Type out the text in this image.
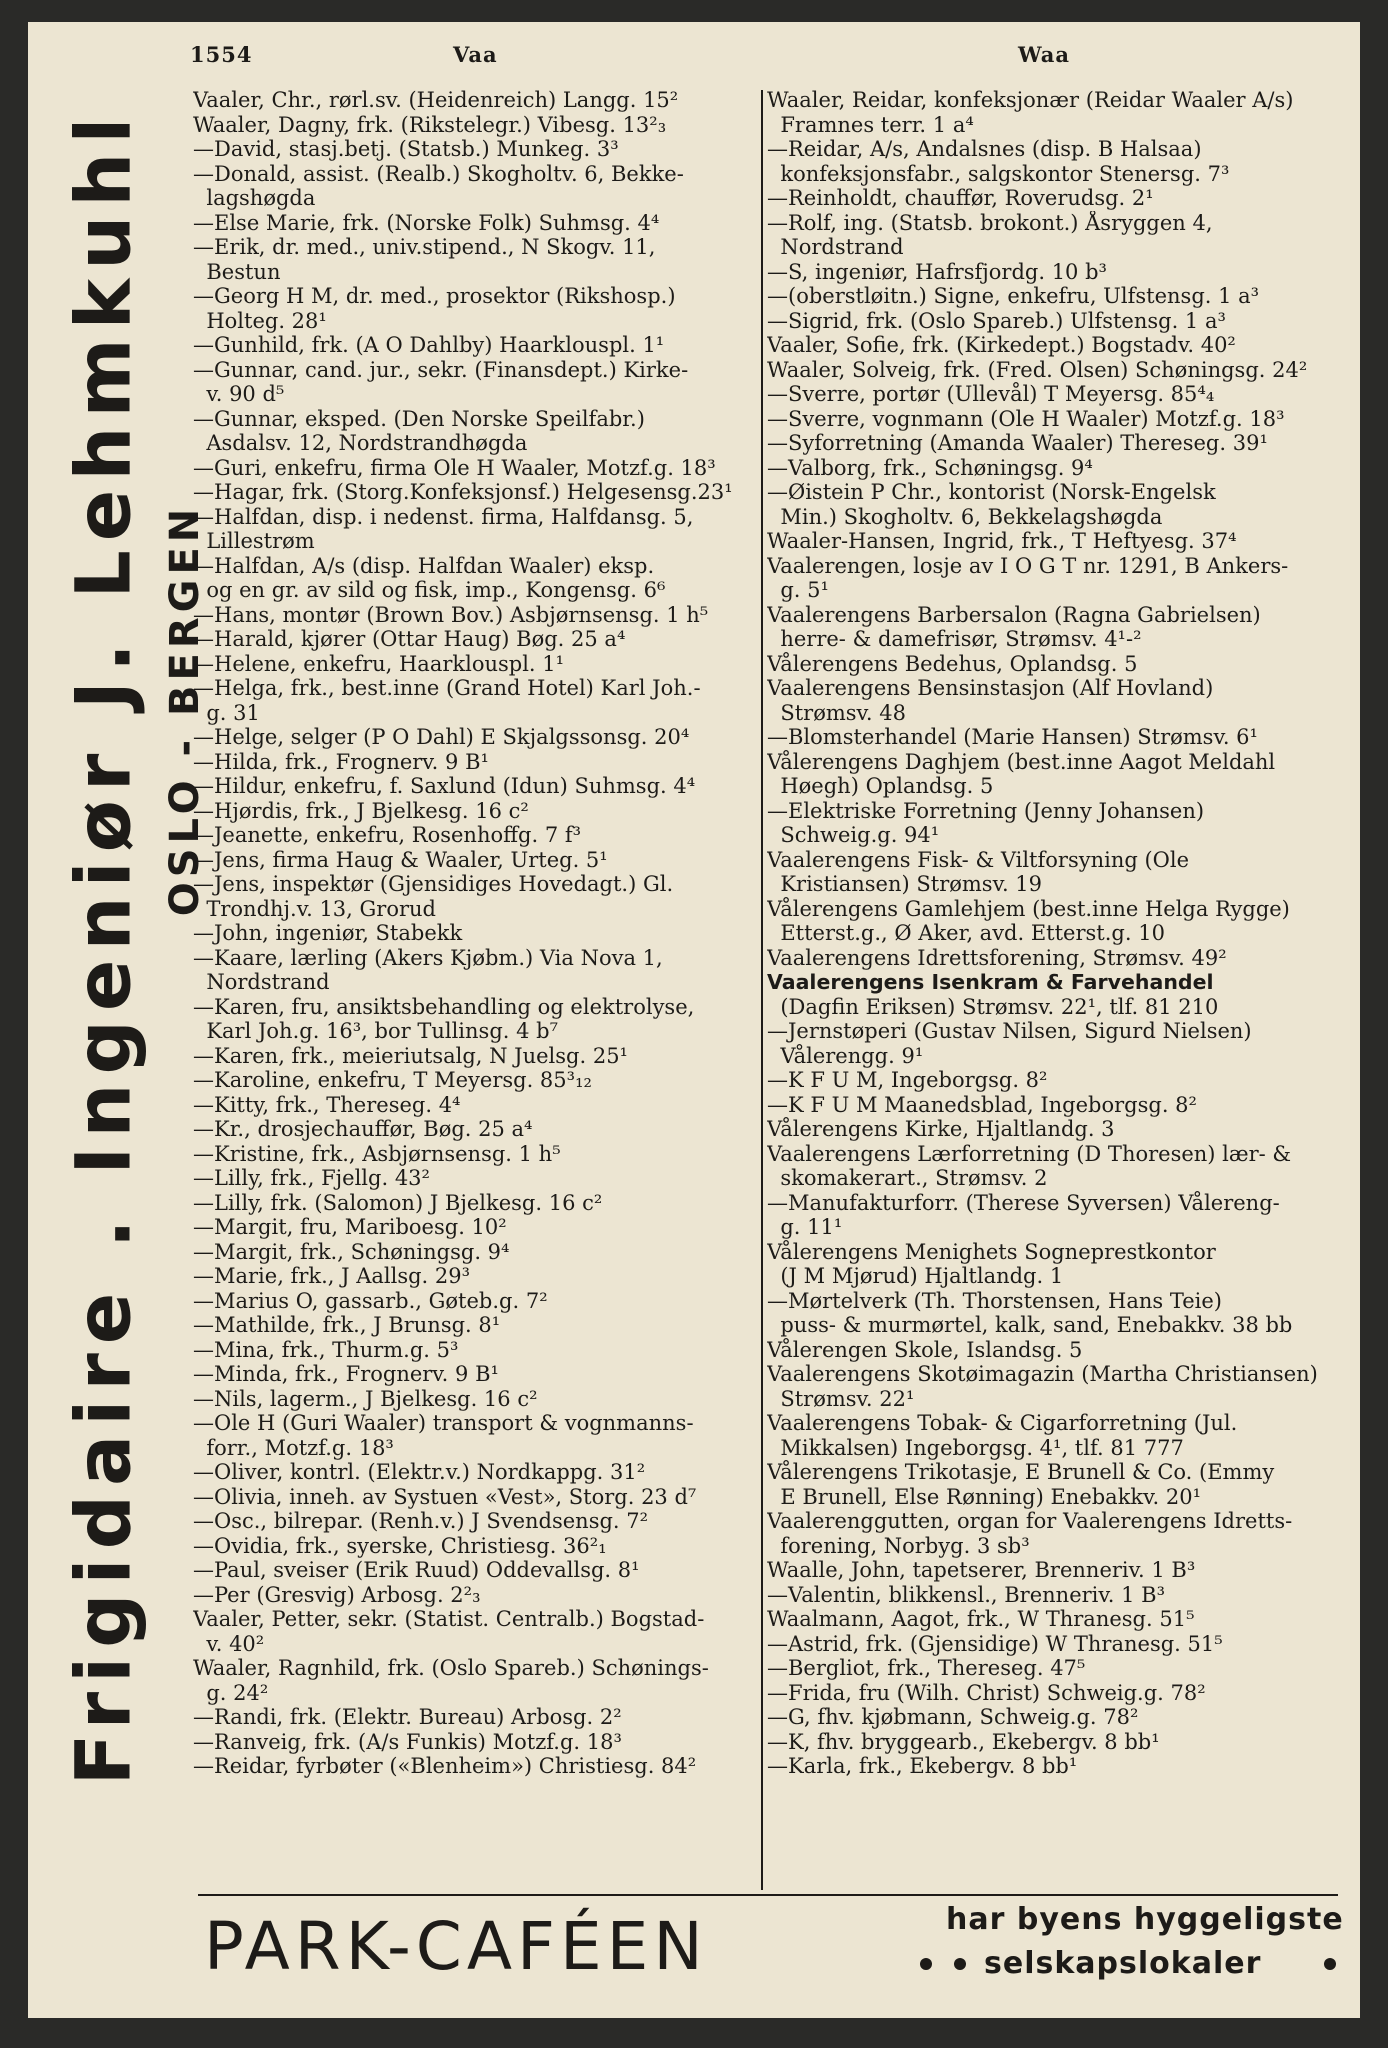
1554	Vaa	Waa
Frigidaire . Ingeniør J. Lehmkuhl OSLO - BERGEN
Vaaler, Chr., rørl.sv. (Heidenreich) Langg. 15²
Waaler, Dagny, frk. (Rikstelegr.) Vibesg. 13²₃
—David, stasj.betj. (Statsb.) Munkeg. 3³
—Donald, assist. (Realb.) Skogholtv. 6, Bekke-
lagshøgda
—Else Marie, frk. (Norske Folk) Suhmsg. 4⁴
—Erik, dr. med., univ.stipend., N Skogv. 11,
Bestun
—Georg H M, dr. med., prosektor (Rikshosp.)
Holteg. 28¹
—Gunhild, frk. (A O Dahlby) Haarklouspl. 1¹
—Gunnar, cand. jur., sekr. (Finansdept.) Kirke-
v. 90 d⁵
—Gunnar, eksped. (Den Norske Speilfabr.)
Asdalsv. 12, Nordstrandhøgda
—Guri, enkefru, firma Ole H Waaler, Motzf.g. 18³
—Hagar, frk. (Storg.Konfeksjonsf.) Helgesensg.23¹
—Halfdan, disp. i nedenst. firma, Halfdansg. 5,
Lillestrøm
—Halfdan, A/s (disp. Halfdan Waaler) eksp.
og en gr. av sild og fisk, imp., Kongensg. 6⁶
—Hans, montør (Brown Bov.) Asbjørnsensg. 1 h⁵
—Harald, kjører (Ottar Haug) Bøg. 25 a⁴
—Helene, enkefru, Haarklouspl. 1¹
—Helga, frk., best.inne (Grand Hotel) Karl Joh.-
g. 31
—Helge, selger (P O Dahl) E Skjalgssonsg. 20⁴
—Hilda, frk., Frognerv. 9 B¹
—Hildur, enkefru, f. Saxlund (Idun) Suhmsg. 4⁴
—Hjørdis, frk., J Bjelkesg. 16 c²
—Jeanette, enkefru, Rosenhoffg. 7 f³
—Jens, firma Haug & Waaler, Urteg. 5¹
—Jens, inspektør (Gjensidiges Hovedagt.) Gl.
Trondhj.v. 13, Grorud
—John, ingeniør, Stabekk
—Kaare, lærling (Akers Kjøbm.) Via Nova 1,
Nordstrand
—Karen, fru, ansiktsbehandling og elektrolyse,
Karl Joh.g. 16³, bor Tullinsg. 4 b⁷
—Karen, frk., meieriutsalg, N Juelsg. 25¹
—Karoline, enkefru, T Meyersg. 85³₁₂
—Kitty, frk., Thereseg. 4⁴
—Kr., drosjechauffør, Bøg. 25 a⁴
—Kristine, frk., Asbjørnsensg. 1 h⁵
—Lilly, frk., Fjellg. 43²
—Lilly, frk. (Salomon) J Bjelkesg. 16 c²
—Margit, fru, Mariboesg. 10²
—Margit, frk., Schøningsg. 9⁴
—Marie, frk., J Aallsg. 29³
—Marius O, gassarb., Gøteb.g. 7²
—Mathilde, frk., J Brunsg. 8¹
—Mina, frk., Thurm.g. 5³
—Minda, frk., Frognerv. 9 B¹
—Nils, lagerm., J Bjelkesg. 16 c²
—Ole H (Guri Waaler) transport & vognmanns-
forr., Motzf.g. 18³
—Oliver, kontrl. (Elektr.v.) Nordkappg. 31²
—Olivia, inneh. av Systuen «Vest», Storg. 23 d⁷
—Osc., bilrepar. (Renh.v.) J Svendsensg. 7²
—Ovidia, frk., syerske, Christiesg. 36²₁
—Paul, sveiser (Erik Ruud) Oddevallsg. 8¹
—Per (Gresvig) Arbosg. 2²₃
Vaaler, Petter, sekr. (Statist. Centralb.) Bogstad-
v. 40²
Waaler, Ragnhild, frk. (Oslo Spareb.) Schønings-
g. 24²
—Randi, frk. (Elektr. Bureau) Arbosg. 2²
—Ranveig, frk. (A/s Funkis) Motzf.g. 18³
—Reidar, fyrbøter («Blenheim») Christiesg. 84²
Waaler, Reidar, konfeksjonær (Reidar Waaler A/s)
Framnes terr. 1 a⁴
—Reidar, A/s, Andalsnes (disp. B Halsaa)
konfeksjonsfabr., salgskontor Stenersg. 7³
—Reinholdt, chauffør, Roverudsg. 2¹
—Rolf, ing. (Statsb. brokont.) Åsryggen 4,
Nordstrand
—S, ingeniør, Hafrsfjordg. 10 b³
—(oberstløitn.) Signe, enkefru, Ulfstensg. 1 a³
—Sigrid, frk. (Oslo Spareb.) Ulfstensg. 1 a³
Vaaler, Sofie, frk. (Kirkedept.) Bogstadv. 40²
Waaler, Solveig, frk. (Fred. Olsen) Schøningsg. 24²
—Sverre, portør (Ullevål) T Meyersg. 85⁴₄
—Sverre, vognmann (Ole H Waaler) Motzf.g. 18³
—Syforretning (Amanda Waaler) Thereseg. 39¹
—Valborg, frk., Schøningsg. 9⁴
—Øistein P Chr., kontorist (Norsk-Engelsk
Min.) Skogholtv. 6, Bekkelagshøgda
Waaler-Hansen, Ingrid, frk., T Heftyesg. 37⁴
Vaalerengen, losje av I O G T nr. 1291, B Ankers-
g. 5¹
Vaalerengens Barbersalon (Ragna Gabrielsen)
herre- & damefrisør, Strømsv. 4¹-²
Vålerengens Bedehus, Oplandsg. 5
Vaalerengens Bensinstasjon (Alf Hovland)
Strømsv. 48
—Blomsterhandel (Marie Hansen) Strømsv. 6¹
Vålerengens Daghjem (best.inne Aagot Meldahl
Høegh) Oplandsg. 5
—Elektriske Forretning (Jenny Johansen)
Schweig.g. 94¹
Vaalerengens Fisk- & Viltforsyning (Ole
Kristiansen) Strømsv. 19
Vålerengens Gamlehjem (best.inne Helga Rygge)
Etterst.g., Ø Aker, avd. Etterst.g. 10
Vaalerengens Idrettsforening, Strømsv. 49²
Vaalerengens Isenkram & Farvehandel
(Dagfin Eriksen) Strømsv. 22¹, tlf. 81 210
—Jernstøperi (Gustav Nilsen, Sigurd Nielsen)
Vålerengg. 9¹
—K F U M, Ingeborgsg. 8²
—K F U M Maanedsblad, Ingeborgsg. 8²
Vålerengens Kirke, Hjaltlandg. 3
Vaalerengens Lærforretning (D Thoresen) lær- &
skomakerart., Strømsv. 2
—Manufakturforr. (Therese Syversen) Vålereng-
g. 11¹
Vålerengens Menighets Sogneprestkontor
(J M Mjørud) Hjaltlandg. 1
—Mørtelverk (Th. Thorstensen, Hans Teie)
puss- & murmørtel, kalk, sand, Enebakkv. 38 bb
Vålerengen Skole, Islandsg. 5
Vaalerengens Skotøimagazin (Martha Christiansen)
Strømsv. 22¹
Vaalerengens Tobak- & Cigarforretning (Jul.
Mikkalsen) Ingeborgsg. 4¹, tlf. 81 777
Vålerengens Trikotasje, E Brunell & Co. (Emmy
E Brunell, Else Rønning) Enebakkv. 20¹
Vaalerenggutten, organ for Vaalerengens Idretts-
forening, Norbyg. 3 sb³
Waalle, John, tapetserer, Brenneriv. 1 B³
—Valentin, blikkensl., Brenneriv. 1 B³
Waalmann, Aagot, frk., W Thranesg. 51⁵
—Astrid, frk. (Gjensidige) W Thranesg. 51⁵
—Bergliot, frk., Thereseg. 47⁵
—Frida, fru (Wilh. Christ) Schweig.g. 78²
—G, fhv. kjøbmann, Schweig.g. 78²
—K, fhv. bryggearb., Ekebergv. 8 bb¹
—Karla, frk., Ekebergv. 8 bb¹
PARK-CAFÉEN	har byens hyggeligste
selskapslokaler
